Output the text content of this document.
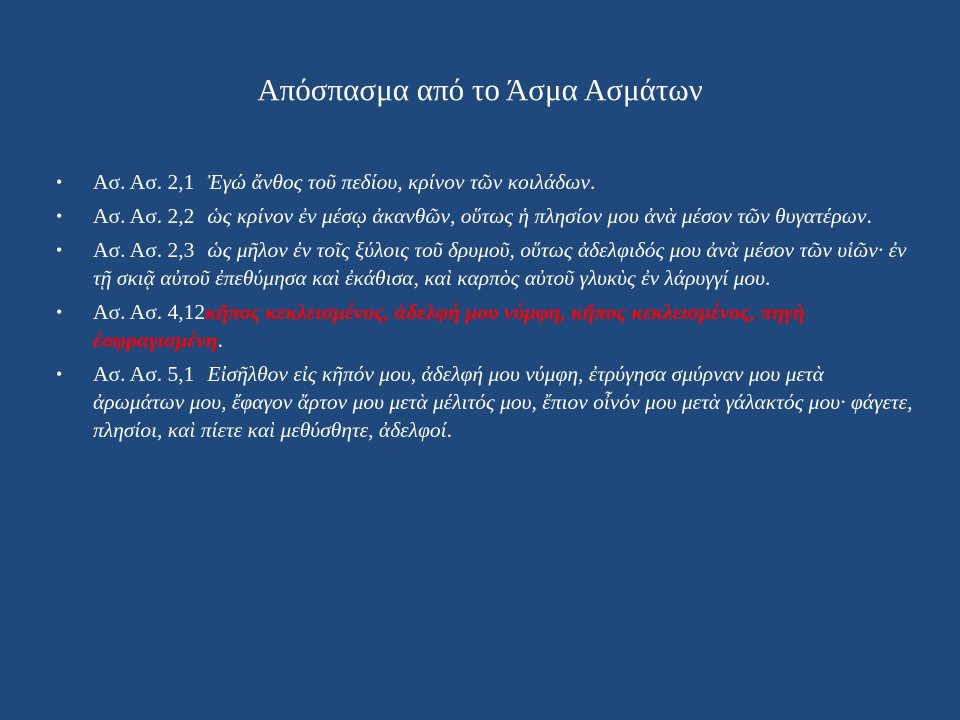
Απόσπασμα από το Άσμα Ασμάτων
• Ασ. Ασ. 2,1 Ἐγώ ἄνθος τοῦ πεδίου, κρίνον τῶν κοιλάδων.
• Ασ. Ασ. 2,2 ὡς κρίνον ἐν μέσῳ ἀκανθῶν, οὕτως ἡ πλησίον μου ἀνὰ μέσον τῶν θυγατέρων.
• Ασ. Ασ. 2,3 ὡς μῆλον ἐν τοῖς ξύλοις τοῦ δρυμοῦ, οὕτως ἀδελφιδός μου ἀνὰ μέσον τῶν υἱῶν· ἐν τῇ σκιᾷ αὐτοῦ ἐπεθύμησα καὶ ἐκάθισα, καὶ καρπὸς αὐτοῦ γλυκὺς ἐν λάρυγγί μου.
• Ασ. Ασ. 4,12κῆπος κεκλεισμένος, ἀδελφή μου νύμφη, κῆπος κεκλεισμένος, πηγὴ ἐσφραγισμένη.
• Ασ. Ασ. 5,1 Εἰσῆλθον εἰς κῆπόν μου, ἀδελφή μου νύμφη, ἐτρύγησα σμύρναν μου μετὰ ἀρωμάτων μου, ἔφαγον ἄρτον μου μετὰ μέλιτός μου, ἔπιον οἶνόν μου μετὰ γάλακτός μου· φάγετε, πλησίοι, καὶ πίετε καὶ μεθύσθητε, ἀδελφοί.
